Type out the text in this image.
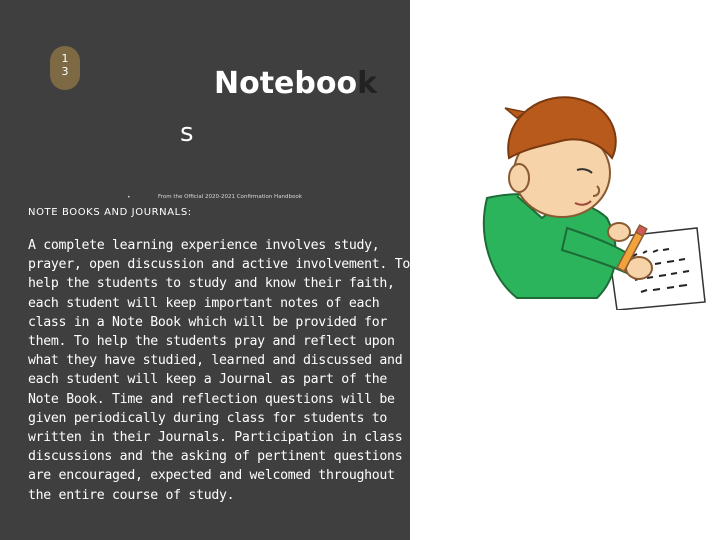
1
3	Notebook
s
•	From the Official 2020-2021 Confirmation Handbook
NOTE BOOKS AND JOURNALS:
A complete learning experience involves study, prayer, open discussion and active involvement. To help the students to study and know their faith, each student will keep important notes of each class in a Note Book which will be provided for them. To help the students pray and reflect upon what they have studied, learned and discussed and each student will keep a Journal as part of the Note Book. Time and reflection questions will be given periodically during class for students to written in their Journals. Participation in class discussions and the asking of pertinent questions are encouraged, expected and welcomed throughout the entire course of study.
